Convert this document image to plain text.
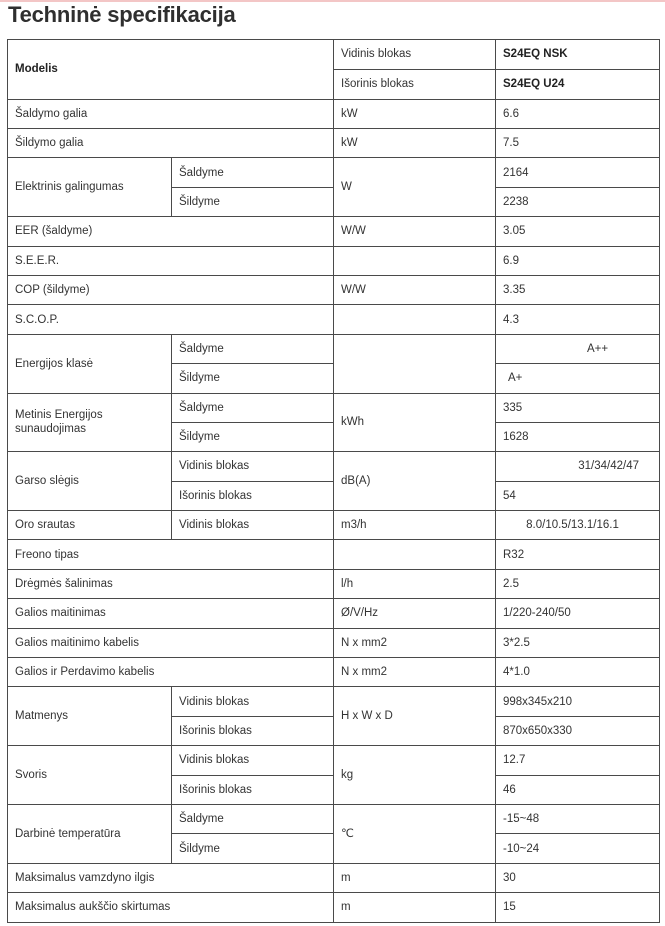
Techninė specifikacija
Modelis		Vidinis blokas	S24EQ NSK
		Išorinis blokas	S24EQ U24
Šaldymo galia		kW	6.6
Šildymo galia		kW	7.5
Elektrinis galingumas	Šaldyme	W	2164
	Šildyme		2238
EER (šaldyme)		W/W	3.05
S.E.E.R.			6.9
COP (šildyme)		W/W	3.35
S.C.O.P.			4.3
Energijos klasė	Šaldyme		A++
	Šildyme		A+
Metinis Energijos sunaudojimas	Šaldyme	kWh	335
	Šildyme		1628
Garso slėgis	Vidinis blokas	dB(A)	31/34/42/47
	Išorinis blokas		54
Oro srautas	Vidinis blokas	m3/h	8.0/10.5/13.1/16.1
Freono tipas			R32
Drėgmės šalinimas		l/h	2.5
Galios maitinimas		Ø/V/Hz	1/220-240/50
Galios maitinimo kabelis		N x mm2	3*2.5
Galios ir Perdavimo kabelis		N x mm2	4*1.0
Matmenys	Vidinis blokas	H x W x D	998x345x210
	Išorinis blokas		870x650x330
Svoris	Vidinis blokas	kg	12.7
	Išorinis blokas		46
Darbinė temperatūra	Šaldyme	℃	-15~48
	Šildyme		-10~24
Maksimalus vamzdyno ilgis		m	30
Maksimalus aukščio skirtumas		m	15
